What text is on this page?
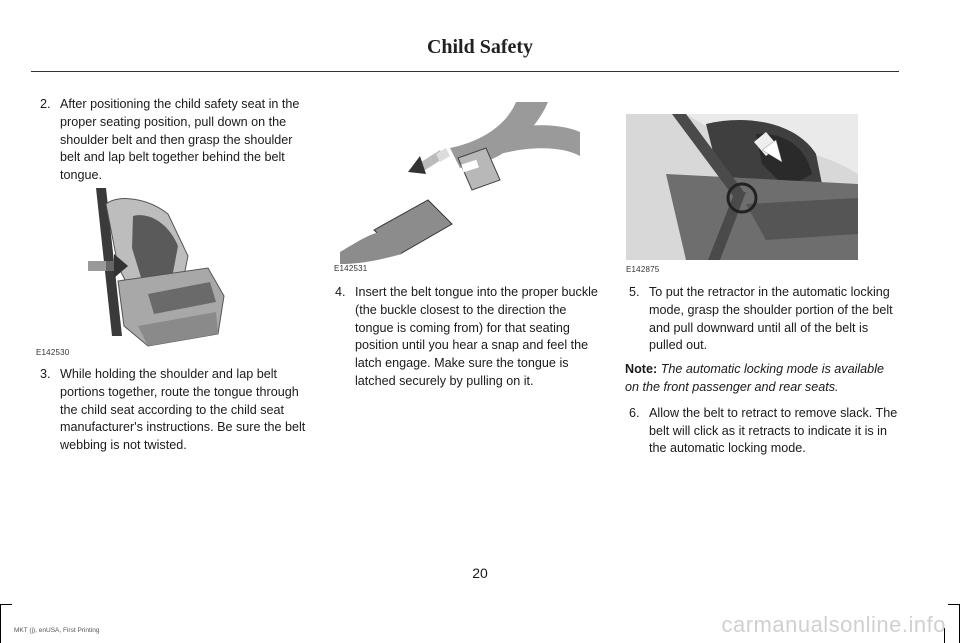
Child Safety

2. After positioning the child safety seat in the proper seating position, pull down on the shoulder belt and then grasp the shoulder belt and lap belt together behind the belt tongue.

E142530

3. While holding the shoulder and lap belt portions together, route the tongue through the child seat according to the child seat manufacturer's instructions. Be sure the belt webbing is not twisted.

E142531

4. Insert the belt tongue into the proper buckle (the buckle closest to the direction the tongue is coming from) for that seating position until you hear a snap and feel the latch engage. Make sure the tongue is latched securely by pulling on it.

E142875

5. To put the retractor in the automatic locking mode, grasp the shoulder portion of the belt and pull downward until all of the belt is pulled out.

Note: The automatic locking mode is available on the front passenger and rear seats.

6. Allow the belt to retract to remove slack. The belt will click as it retracts to indicate it is in the automatic locking mode.

20
MKT (j), enUSA, First Printing	carmanualsonline.info
